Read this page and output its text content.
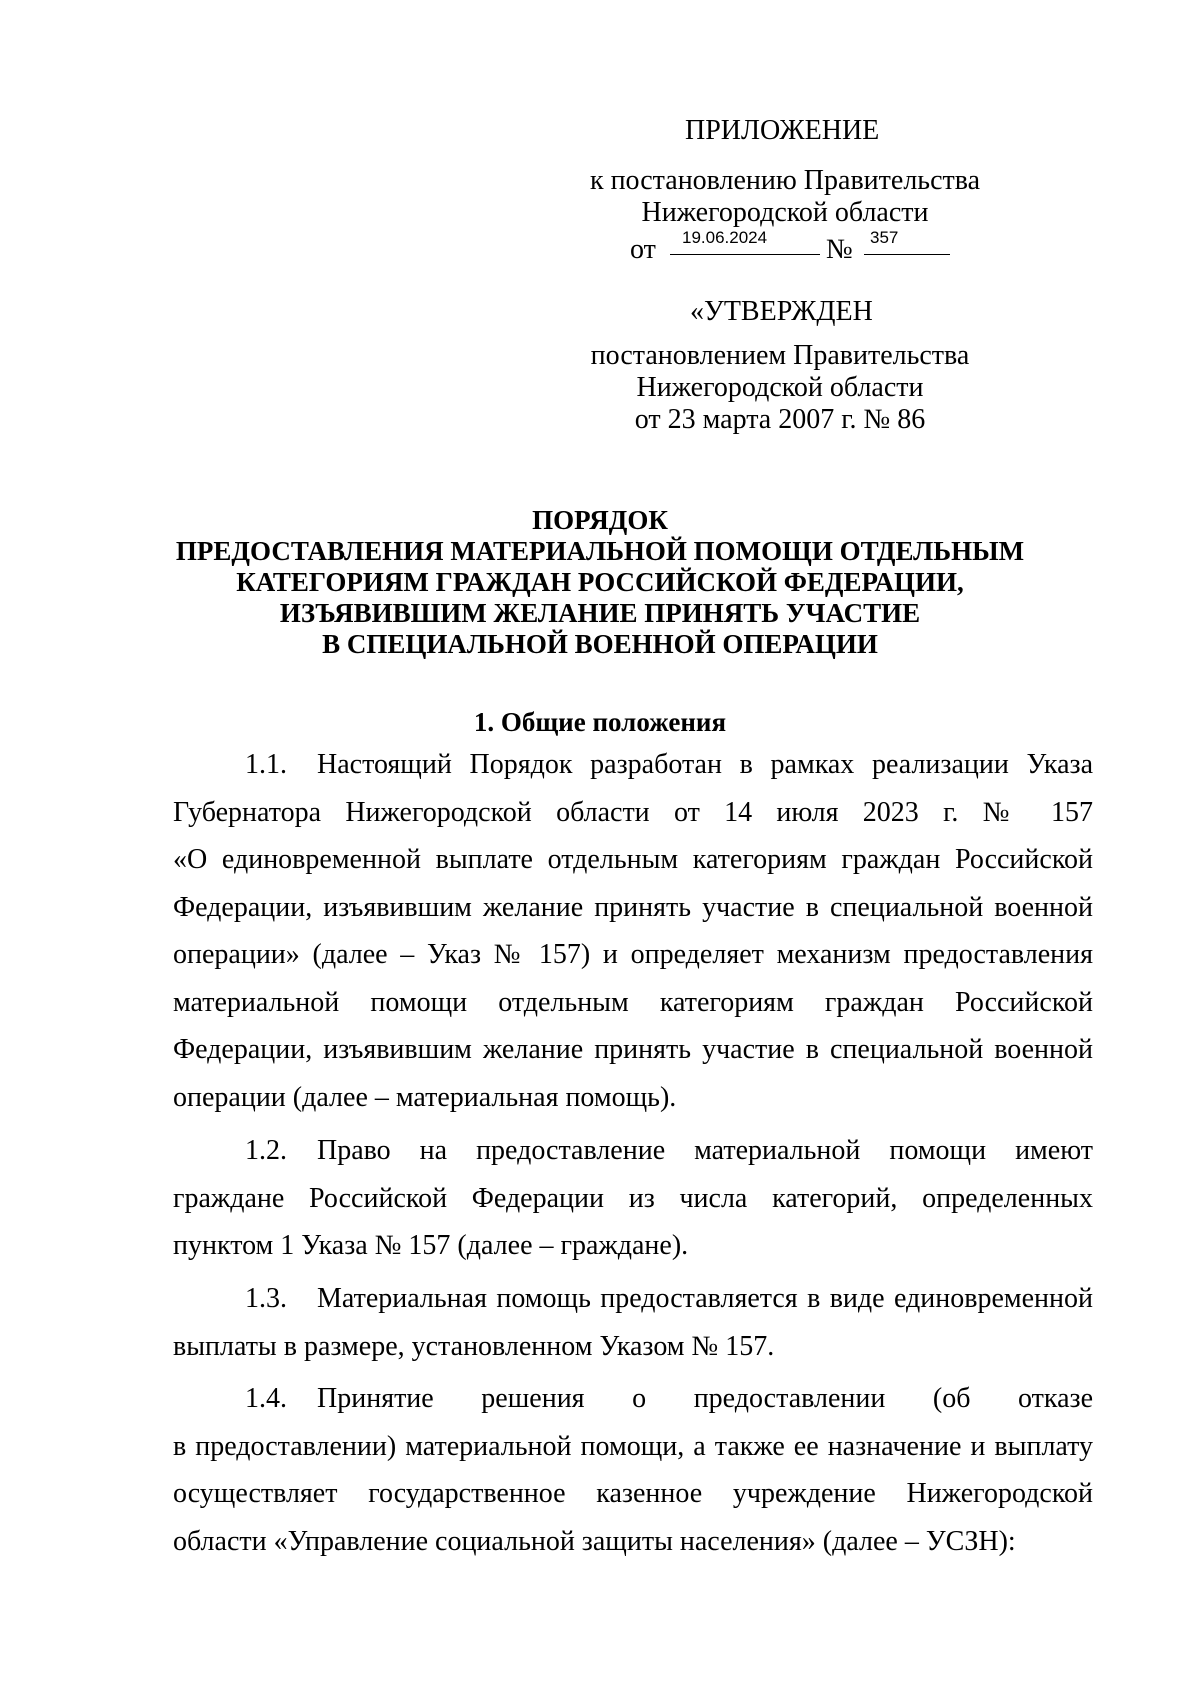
ПРИЛОЖЕНИЕ
к постановлению Правительства
Нижегородской области
от 19.06.2024 № 357
«УТВЕРЖДЕН
постановлением Правительства
Нижегородской области
от 23 марта 2007 г. № 86
ПОРЯДОК
ПРЕДОСТАВЛЕНИЯ МАТЕРИАЛЬНОЙ ПОМОЩИ ОТДЕЛЬНЫМ
КАТЕГОРИЯМ ГРАЖДАН РОССИЙСКОЙ ФЕДЕРАЦИИ,
ИЗЪЯВИВШИМ ЖЕЛАНИЕ ПРИНЯТЬ УЧАСТИЕ
В СПЕЦИАЛЬНОЙ ВОЕННОЙ ОПЕРАЦИИ
1. Общие положения
1.1. Настоящий Порядок разработан в рамках реализации Указа
Губернатора Нижегородской области от 14 июля 2023 г. № 157
«О единовременной выплате отдельным категориям граждан Российской
Федерации, изъявившим желание принять участие в специальной военной
операции» (далее – Указ № 157) и определяет механизм предоставления
материальной помощи отдельным категориям граждан Российской
Федерации, изъявившим желание принять участие в специальной военной
операции (далее – материальная помощь).
1.2. Право на предоставление материальной помощи имеют
граждане Российской Федерации из числа категорий, определенных
пунктом 1 Указа № 157 (далее – граждане).
1.3. Материальная помощь предоставляется в виде единовременной
выплаты в размере, установленном Указом № 157.
1.4. Принятие решения о предоставлении (об отказе
в предоставлении) материальной помощи, а также ее назначение и выплату
осуществляет государственное казенное учреждение Нижегородской
области «Управление социальной защиты населения» (далее – УСЗН):
